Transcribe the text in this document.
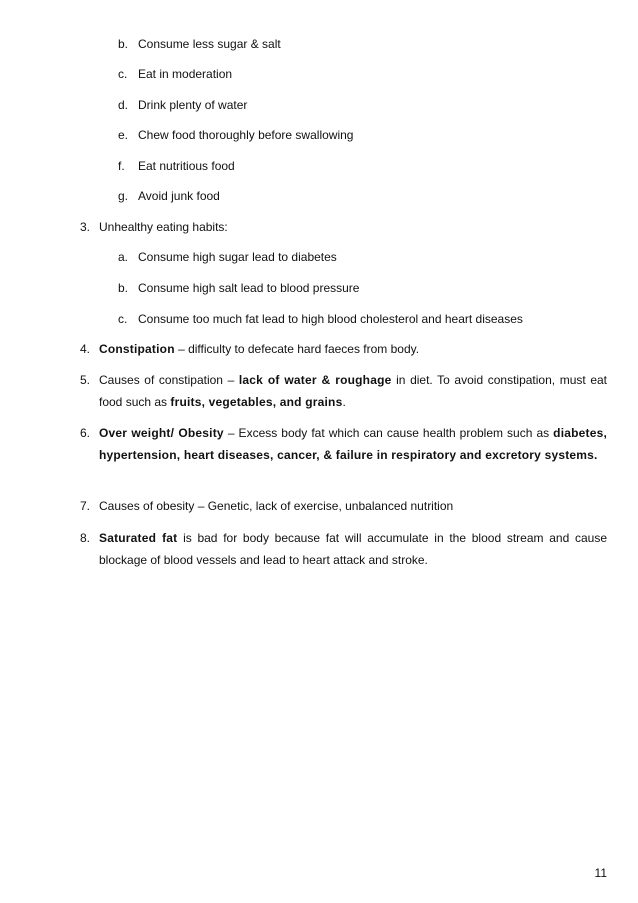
b. Consume less sugar & salt
c. Eat in moderation
d. Drink plenty of water
e. Chew food thoroughly before swallowing
f. Eat nutritious food
g. Avoid junk food
3. Unhealthy eating habits:
a. Consume high sugar lead to diabetes
b. Consume high salt lead to blood pressure
c. Consume too much fat lead to high blood cholesterol and heart diseases
4. Constipation – difficulty to defecate hard faeces from body.
5. Causes of constipation – lack of water & roughage in diet. To avoid constipation, must eat food such as fruits, vegetables, and grains.
6. Over weight/ Obesity – Excess body fat which can cause health problem such as diabetes, hypertension, heart diseases, cancer, & failure in respiratory and excretory systems.
7. Causes of obesity – Genetic, lack of exercise, unbalanced nutrition
8. Saturated fat is bad for body because fat will accumulate in the blood stream and cause blockage of blood vessels and lead to heart attack and stroke.
11
